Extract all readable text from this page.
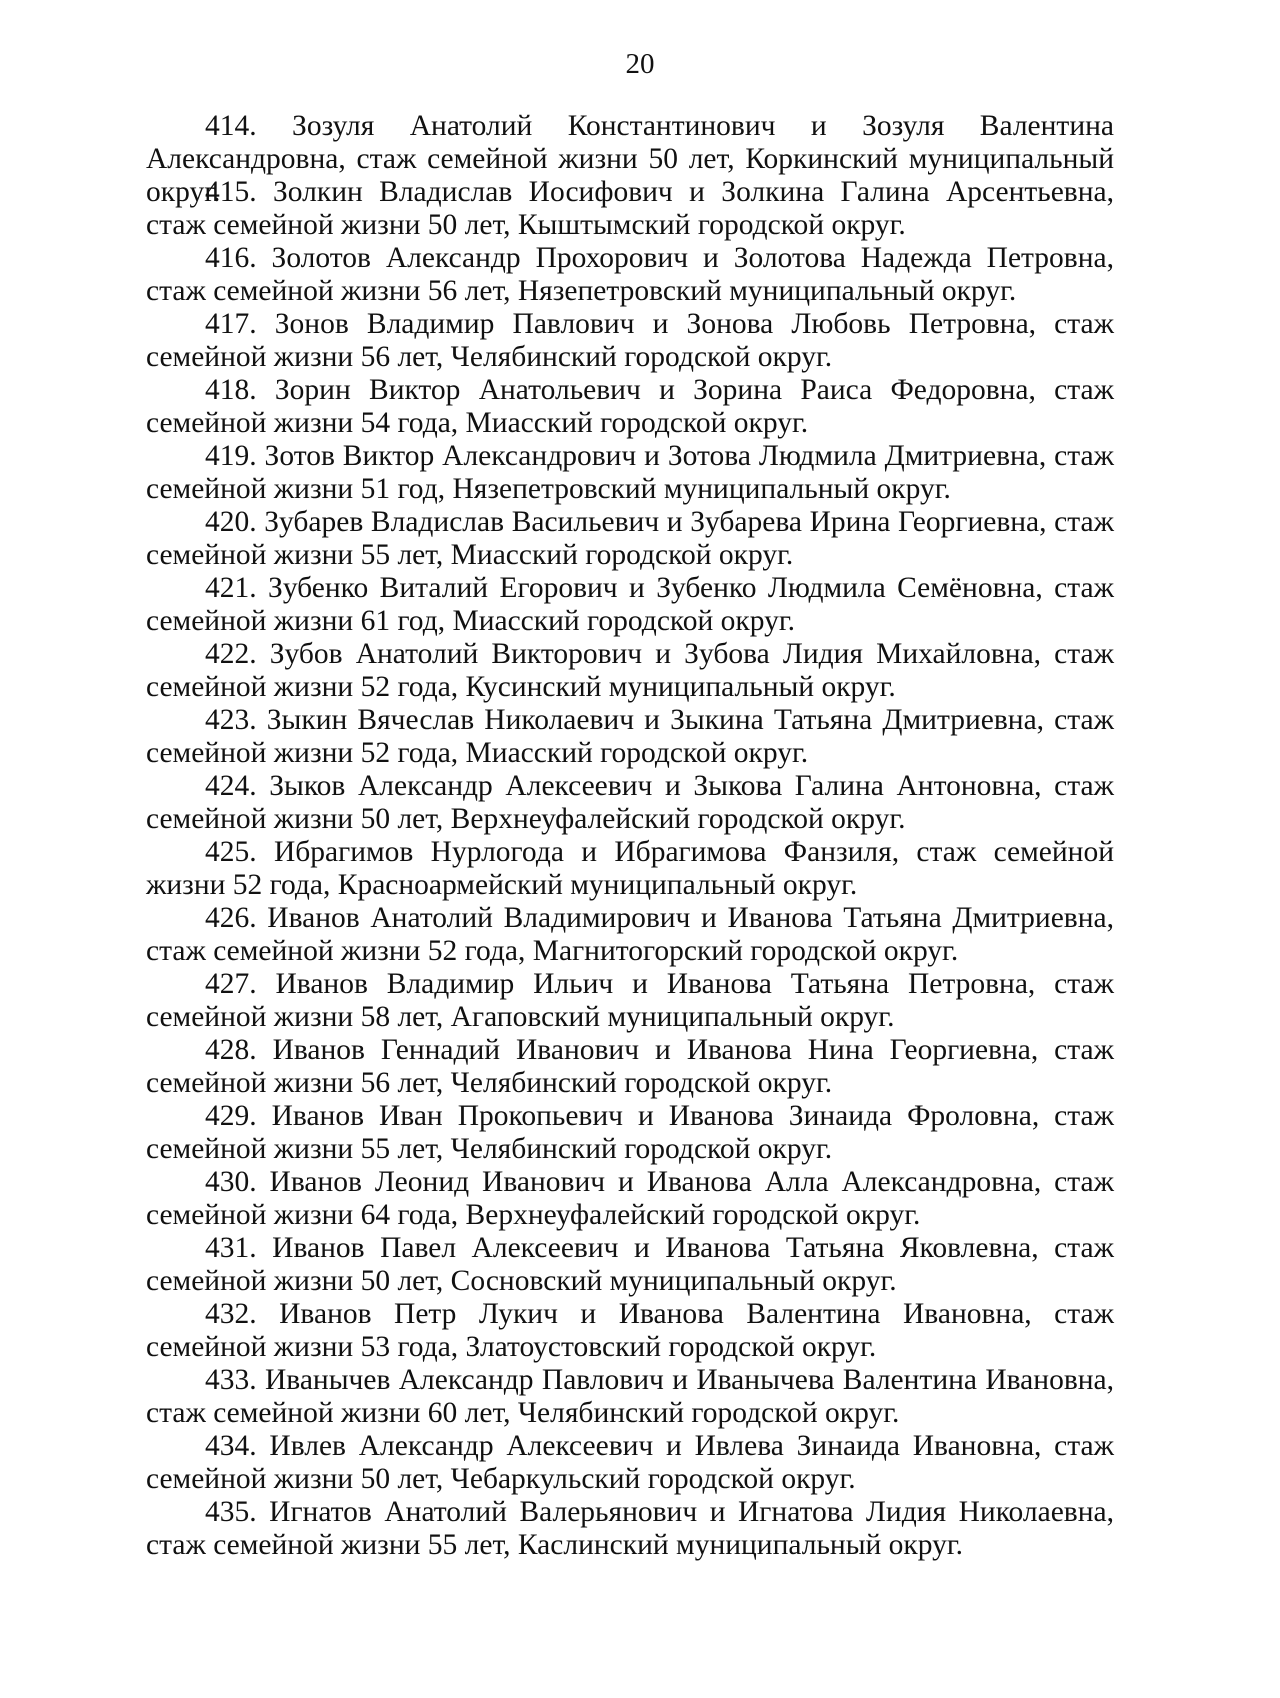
20

414. Зозуля Анатолий Константинович и Зозуля Валентина Александровна, стаж семейной жизни 50 лет, Коркинский муниципальный округ.

415. Золкин Владислав Иосифович и Золкина Галина Арсентьевна, стаж семейной жизни 50 лет, Кыштымский городской округ.

416. Золотов Александр Прохорович и Золотова Надежда Петровна, стаж семейной жизни 56 лет, Нязепетровский муниципальный округ.

417. Зонов Владимир Павлович и Зонова Любовь Петровна, стаж семейной жизни 56 лет, Челябинский городской округ.

418. Зорин Виктор Анатольевич и Зорина Раиса Федоровна, стаж семейной жизни 54 года, Миасский городской округ.

419. Зотов Виктор Александрович и Зотова Людмила Дмитриевна, стаж семейной жизни 51 год, Нязепетровский муниципальный округ.

420. Зубарев Владислав Васильевич и Зубарева Ирина Георгиевна, стаж семейной жизни 55 лет, Миасский городской округ.

421. Зубенко Виталий Егорович и Зубенко Людмила Семёновна, стаж семейной жизни 61 год, Миасский городской округ.

422. Зубов Анатолий Викторович и Зубова Лидия Михайловна, стаж семейной жизни 52 года, Кусинский муниципальный округ.

423. Зыкин Вячеслав Николаевич и Зыкина Татьяна Дмитриевна, стаж семейной жизни 52 года, Миасский городской округ.

424. Зыков Александр Алексеевич и Зыкова Галина Антоновна, стаж семейной жизни 50 лет, Верхнеуфалейский городской округ.

425. Ибрагимов Нурлогода и Ибрагимова Фанзиля, стаж семейной жизни 52 года, Красноармейский муниципальный округ.

426. Иванов Анатолий Владимирович и Иванова Татьяна Дмитриевна, стаж семейной жизни 52 года, Магнитогорский городской округ.

427. Иванов Владимир Ильич и Иванова Татьяна Петровна, стаж семейной жизни 58 лет, Агаповский муниципальный округ.

428. Иванов Геннадий Иванович и Иванова Нина Георгиевна, стаж семейной жизни 56 лет, Челябинский городской округ.

429. Иванов Иван Прокопьевич и Иванова Зинаида Фроловна, стаж семейной жизни 55 лет, Челябинский городской округ.

430. Иванов Леонид Иванович и Иванова Алла Александровна, стаж семейной жизни 64 года, Верхнеуфалейский городской округ.

431. Иванов Павел Алексеевич и Иванова Татьяна Яковлевна, стаж семейной жизни 50 лет, Сосновский муниципальный округ.

432. Иванов Петр Лукич и Иванова Валентина Ивановна, стаж семейной жизни 53 года, Златоустовский городской округ.

433. Иванычев Александр Павлович и Иванычева Валентина Ивановна, стаж семейной жизни 60 лет, Челябинский городской округ.

434. Ивлев Александр Алексеевич и Ивлева Зинаида Ивановна, стаж семейной жизни 50 лет, Чебаркульский городской округ.

435. Игнатов Анатолий Валерьянович и Игнатова Лидия Николаевна, стаж семейной жизни 55 лет, Каслинский муниципальный округ.
